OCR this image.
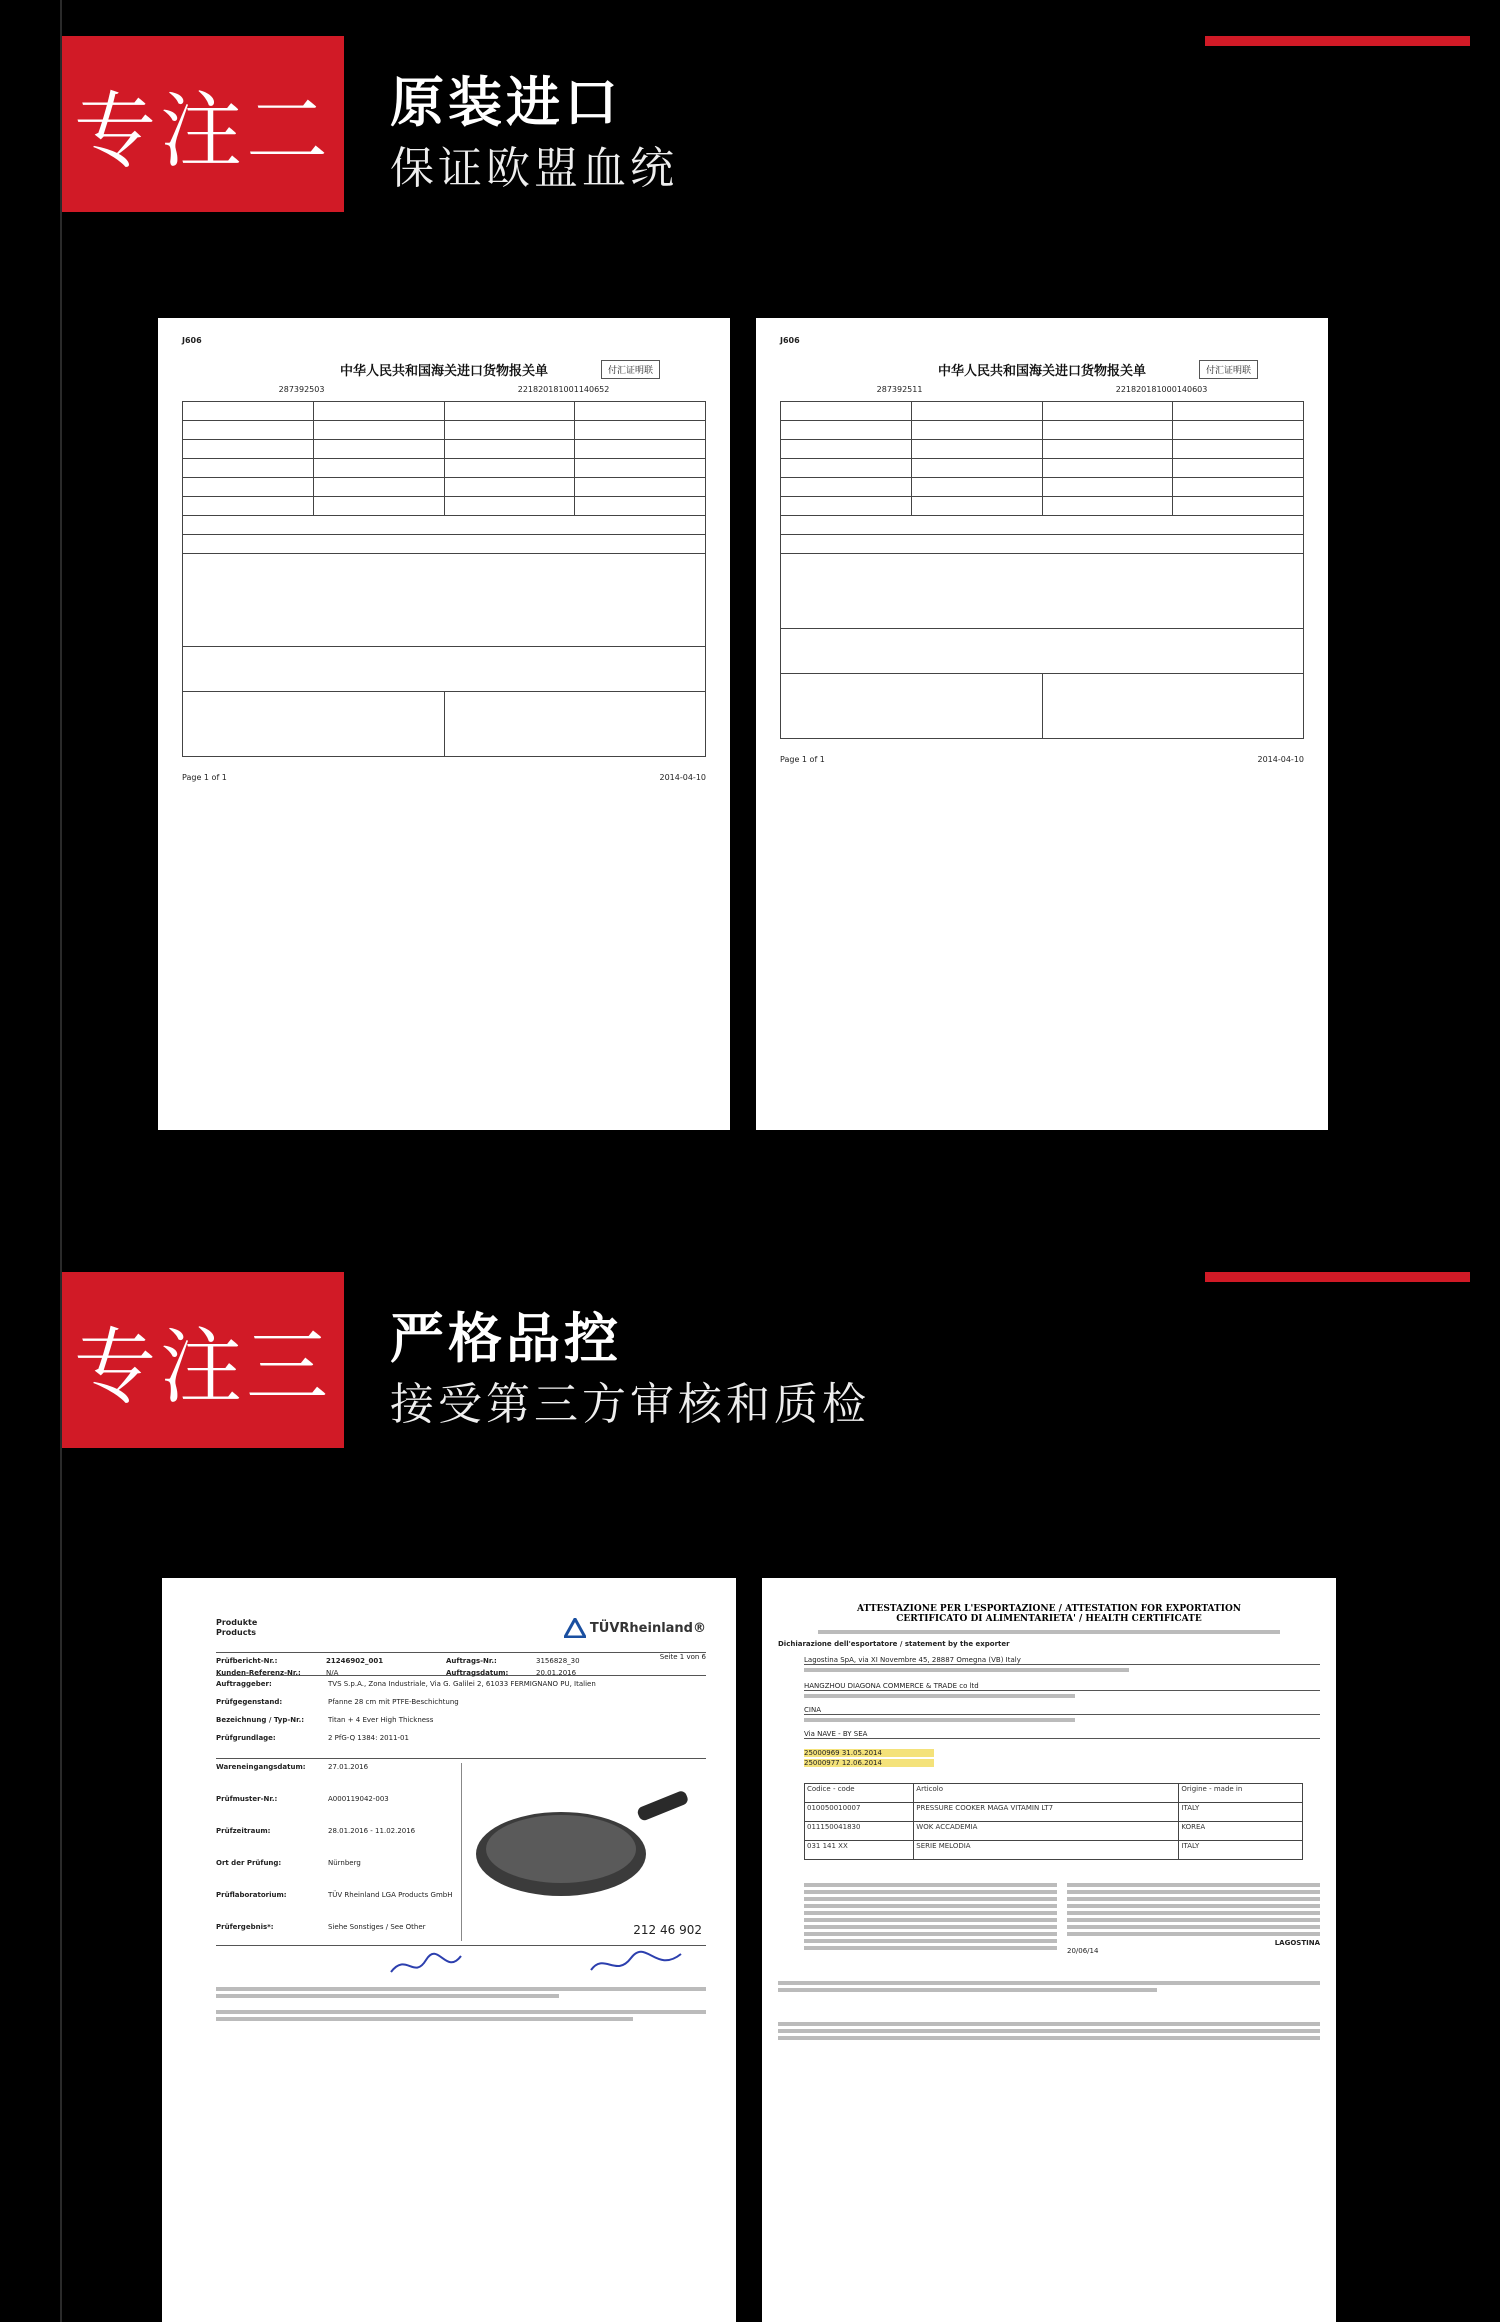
专注二 原装进口
保证欧盟血统
J606
付汇证明联
中华人民共和国海关进口货物报关单
287392503	221820181001140652

Page 1 of 1	2014-04-10
J606
付汇证明联
中华人民共和国海关进口货物报关单
287392511	221820181000140603

Page 1 of 1	2014-04-10
专注三 严格品控
接受第三方审核和质检
Produkte
Products	TÜVRheinland®
Prüfbericht-Nr.:	21246902_001	Auftrags-Nr.:	3156828_30
Kunden-Referenz-Nr.:	N/A	Auftragsdatum:	20.01.2016
Seite 1 von 6
Auftraggeber:	TVS S.p.A., Zona Industriale, Via G. Galilei 2, 61033 FERMIGNANO PU, Italien
Prüfgegenstand:	Pfanne 28 cm mit PTFE-Beschichtung
Bezeichnung / Typ-Nr.:	Titan + 4 Ever High Thickness
Prüfgrundlage:	2 PfG-Q 1384: 2011-01
Wareneingangsdatum:	27.01.2016
Prüfmuster-Nr.:	A000119042-003
Prüfzeitraum:	28.01.2016 - 11.02.2016
Ort der Prüfung:	Nürnberg
Prüflaboratorium:	TÜV Rheinland LGA Products GmbH
Prüfergebnis*:	Siehe Sonstiges / See Other	212 46 902
ATTESTAZIONE PER L'ESPORTAZIONE / ATTESTATION FOR EXPORTATION
CERTIFICATO DI ALIMENTARIETA' / HEALTH CERTIFICATE
Dichiarazione dell'esportatore / statement by the exporter
Lagostina SpA, via XI Novembre 45, 28887 Omegna (VB) Italy
HANGZHOU DIAGONA COMMERCE & TRADE co ltd
CINA
Via NAVE - BY SEA
25000969 31.05.2014
25000977 12.06.2014
Codice - code	Articolo	Origine - made in
010050010007	PRESSURE COOKER MAGA VITAMIN LT7	ITALY
011150041830	WOK ACCADEMIA	KOREA
031 141 XX	SERIE MELODIA	ITALY
LAGOSTINA
20/06/14
